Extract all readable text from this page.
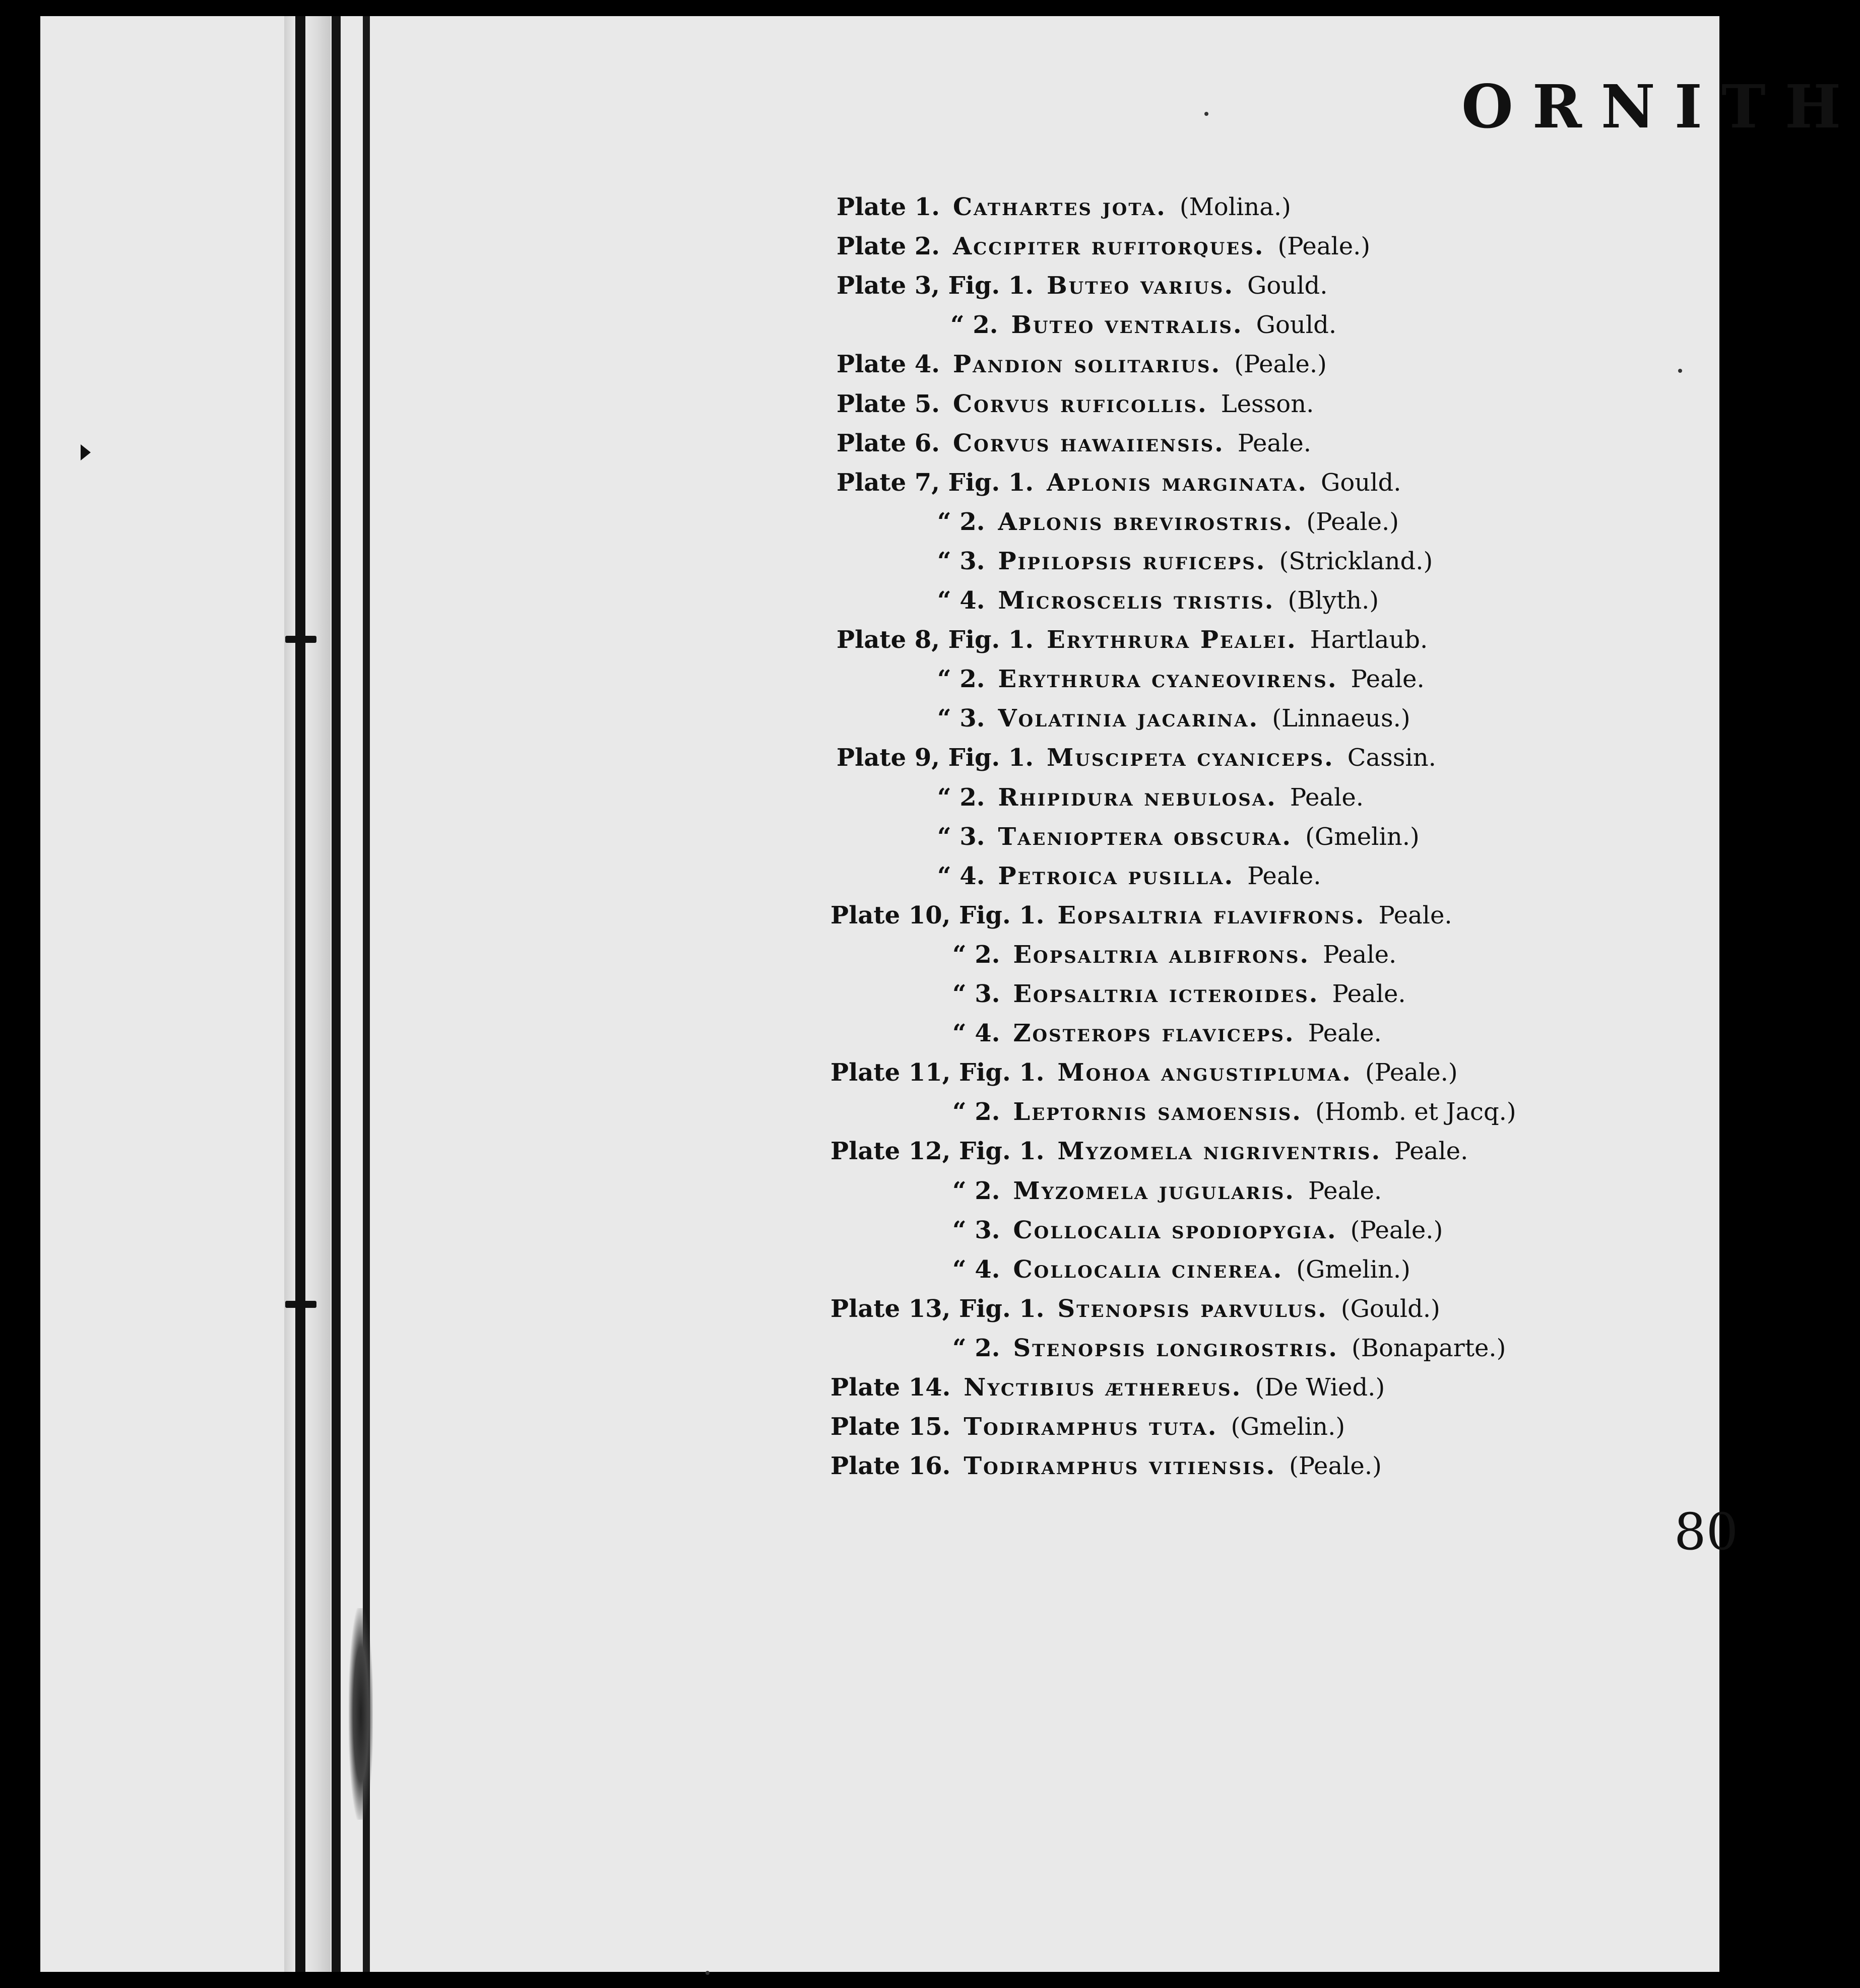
ORNITH
Plate 1. Cathartes jota. (Molina.)
Plate 2. Accipiter rufitorques. (Peale.)
Plate 3, Fig. 1. Buteo varius. Gould.
“ 2. Buteo ventralis. Gould.
Plate 4. Pandion solitarius. (Peale.)
Plate 5. Corvus ruficollis. Lesson.
Plate 6. Corvus hawaiiensis. Peale.
Plate 7, Fig. 1. Aplonis marginata. Gould.
“ 2. Aplonis brevirostris. (Peale.)
“ 3. Pipilopsis ruficeps. (Strickland.)
“ 4. Microscelis tristis. (Blyth.)
Plate 8, Fig. 1. Erythrura Pealei. Hartlaub.
“ 2. Erythrura cyaneovirens. Peale.
“ 3. Volatinia jacarina. (Linnaeus.)
Plate 9, Fig. 1. Muscipeta cyaniceps. Cassin.
“ 2. Rhipidura nebulosa. Peale.
“ 3. Taenioptera obscura. (Gmelin.)
“ 4. Petroica pusilla. Peale.
Plate 10, Fig. 1. Eopsaltria flavifrons. Peale.
“ 2. Eopsaltria albifrons. Peale.
“ 3. Eopsaltria icteroides. Peale.
“ 4. Zosterops flaviceps. Peale.
Plate 11, Fig. 1. Mohoa angustipluma. (Peale.)
“ 2. Leptornis samoensis. (Homb. et Jacq.)
Plate 12, Fig. 1. Myzomela nigriventris. Peale.
“ 2. Myzomela jugularis. Peale.
“ 3. Collocalia spodiopygia. (Peale.)
“ 4. Collocalia cinerea. (Gmelin.)
Plate 13, Fig. 1. Stenopsis parvulus. (Gould.)
“ 2. Stenopsis longirostris. (Bonaparte.)
Plate 14. Nyctibius æthereus. (De Wied.)
Plate 15. Todiramphus tuta. (Gmelin.)
Plate 16. Todiramphus vitiensis. (Peale.)
80
